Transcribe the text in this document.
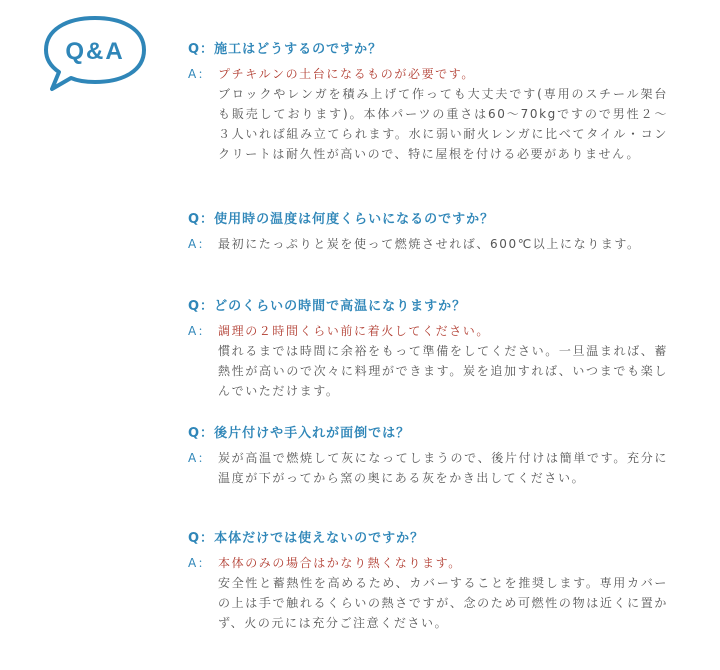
Q&A	Q：施工はどうするのですか？
A： プチキルンの土台になるものが必要です。
ブロックやレンガを積み上げて作っても大丈夫です(専用のスチール架台も販売しております)。本体パーツの重さは60〜70kgですので男性２〜３人いれば組み立てられます。水に弱い耐火レンガに比べてタイル・コンクリートは耐久性が高いので、特に屋根を付ける必要がありません。
Q：使用時の温度は何度くらいになるのですか？
A： 最初にたっぷりと炭を使って燃焼させれば、600℃以上になります。
Q：どのくらいの時間で高温になりますか？
A： 調理の２時間くらい前に着火してください。
慣れるまでは時間に余裕をもって準備をしてください。一旦温まれば、蓄熱性が高いので次々に料理ができます。炭を追加すれば、いつまでも楽しんでいただけます。
Q：後片付けや手入れが面倒では？
A： 炭が高温で燃焼して灰になってしまうので、後片付けは簡単です。充分に温度が下がってから窯の奥にある灰をかき出してください。
Q：本体だけでは使えないのですか？
A： 本体のみの場合はかなり熱くなります。
安全性と蓄熱性を高めるため、カバーすることを推奨します。専用カバーの上は手で触れるくらいの熱さですが、念のため可燃性の物は近くに置かず、火の元には充分ご注意ください。
